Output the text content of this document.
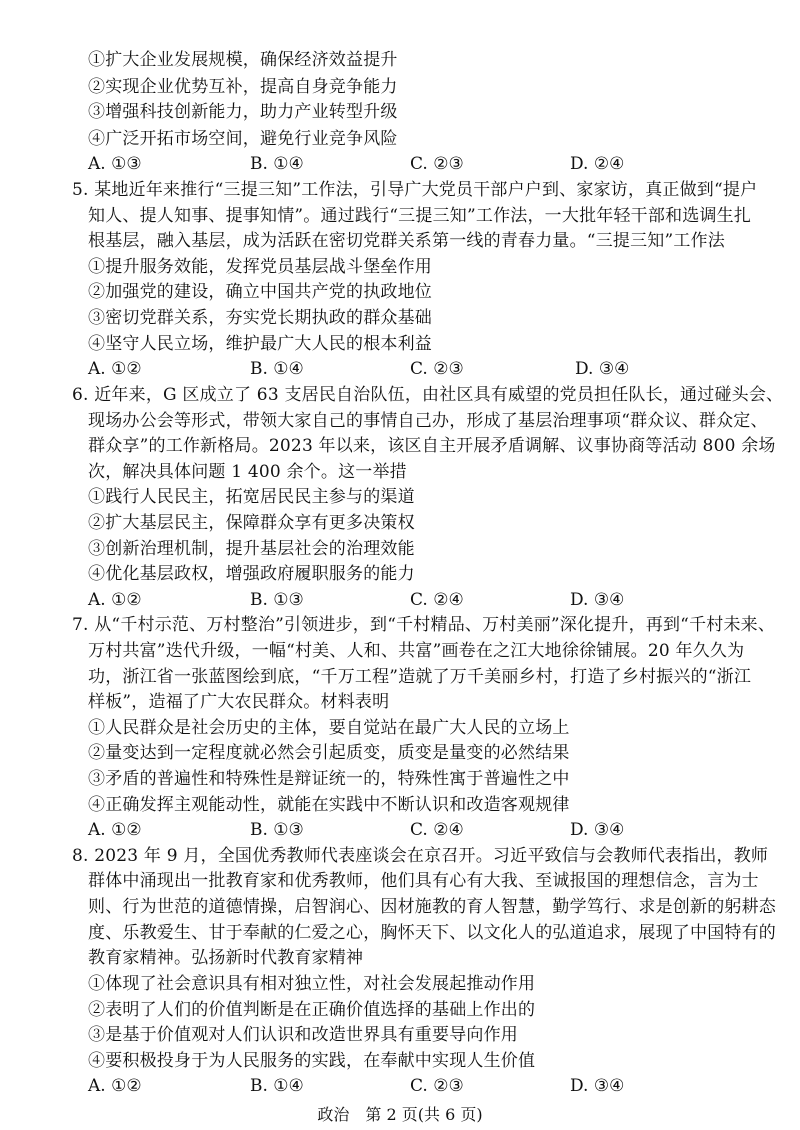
①扩大企业发展规模，确保经济效益提升
②实现企业优势互补，提高自身竞争能力
③增强科技创新能力，助力产业转型升级
④广泛开拓市场空间，避免行业竞争风险
A. ①③	B. ①④	C. ②③	D. ②④
5. 某地近年来推行“三提三知”工作法，引导广大党员干部户户到、家家访，真正做到“提户
知人、提人知事、提事知情”。通过践行“三提三知”工作法，一大批年轻干部和选调生扎
根基层，融入基层，成为活跃在密切党群关系第一线的青春力量。“三提三知”工作法
①提升服务效能，发挥党员基层战斗堡垒作用
②加强党的建设，确立中国共产党的执政地位
③密切党群关系，夯实党长期执政的群众基础
④坚守人民立场，维护最广大人民的根本利益
A. ①②	B. ①④	C. ②③	D. ③④
6. 近年来，G 区成立了 63 支居民自治队伍，由社区具有威望的党员担任队长，通过碰头会、
现场办公会等形式，带领大家自己的事情自己办，形成了基层治理事项“群众议、群众定、
群众享”的工作新格局。2023 年以来，该区自主开展矛盾调解、议事协商等活动 800 余场
次，解决具体问题 1 400 余个。这一举措
①践行人民民主，拓宽居民民主参与的渠道
②扩大基层民主，保障群众享有更多决策权
③创新治理机制，提升基层社会的治理效能
④优化基层政权，增强政府履职服务的能力
A. ①②	B. ①③	C. ②④	D. ③④
7. 从“千村示范、万村整治”引领进步，到“千村精品、万村美丽”深化提升，再到“千村未来、
万村共富”迭代升级，一幅“村美、人和、共富”画卷在之江大地徐徐铺展。20 年久久为
功，浙江省一张蓝图绘到底，“千万工程”造就了万千美丽乡村，打造了乡村振兴的“浙江
样板”，造福了广大农民群众。材料表明
①人民群众是社会历史的主体，要自觉站在最广大人民的立场上
②量变达到一定程度就必然会引起质变，质变是量变的必然结果
③矛盾的普遍性和特殊性是辩证统一的，特殊性寓于普遍性之中
④正确发挥主观能动性，就能在实践中不断认识和改造客观规律
A. ①②	B. ①③	C. ②④	D. ③④
8. 2023 年 9 月，全国优秀教师代表座谈会在京召开。习近平致信与会教师代表指出，教师
群体中涌现出一批教育家和优秀教师，他们具有心有大我、至诚报国的理想信念，言为士
则、行为世范的道德情操，启智润心、因材施教的育人智慧，勤学笃行、求是创新的躬耕态
度、乐教爱生、甘于奉献的仁爱之心，胸怀天下、以文化人的弘道追求，展现了中国特有的
教育家精神。弘扬新时代教育家精神
①体现了社会意识具有相对独立性，对社会发展起推动作用
②表明了人们的价值判断是在正确价值选择的基础上作出的
③是基于价值观对人们认识和改造世界具有重要导向作用
④要积极投身于为人民服务的实践，在奉献中实现人生价值
A. ①②	B. ①④	C. ②③	D. ③④
政治　第 2 页(共 6 页)
